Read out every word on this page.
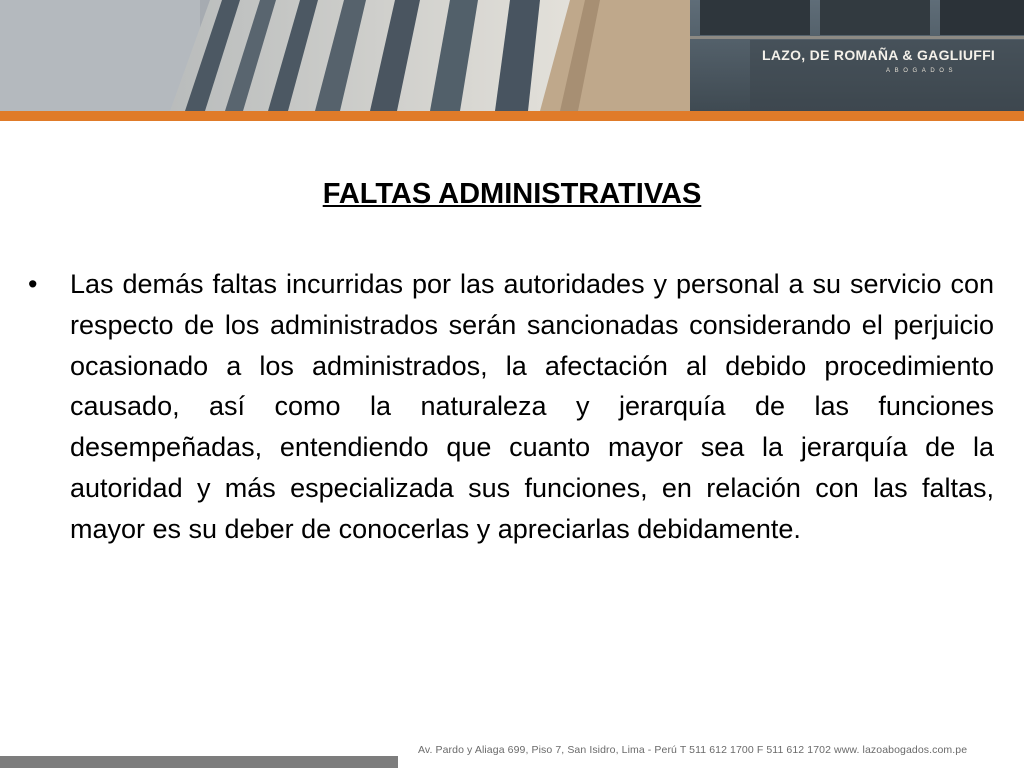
LAZO, DE ROMAÑA & GAGLIUFFI
ABOGADOS
FALTAS ADMINISTRATIVAS
• Las demás faltas incurridas por las autoridades y personal a su servicio con respecto de los administrados serán sancionadas considerando el perjuicio ocasionado a los administrados, la afectación al debido procedimiento causado, así como la naturaleza y jerarquía de las funciones desempeñadas, entendiendo que cuanto mayor sea la jerarquía de la autoridad y más especializada sus funciones, en relación con las faltas, mayor es su deber de conocerlas y apreciarlas debidamente.
Av. Pardo y Aliaga 699, Piso 7, San Isidro, Lima - Perú T 511 612 1700 F 511 612 1702 www. lazoabogados.com.pe
